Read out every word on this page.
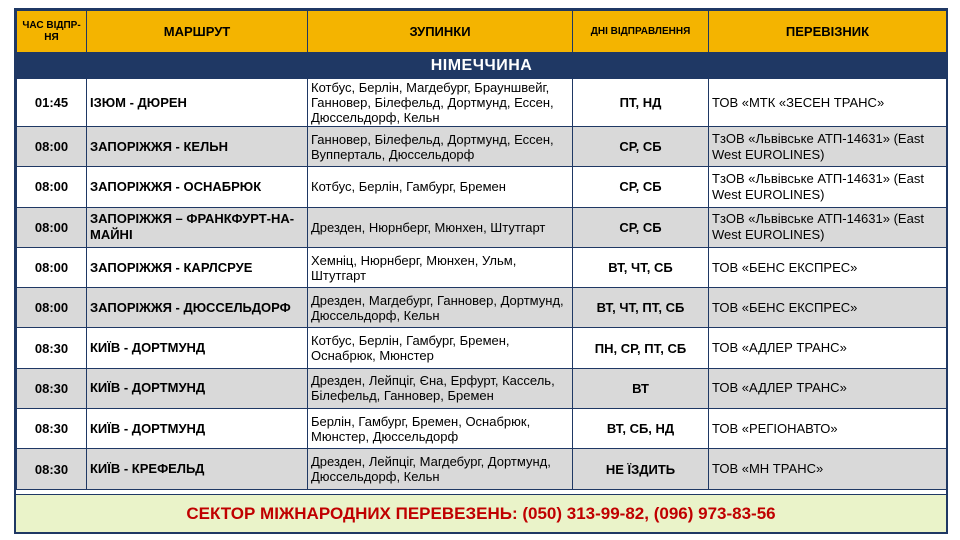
ЧАС ВІДПР-НЯ	МАРШРУТ	ЗУПИНКИ	ДНІ ВІДПРАВЛЕННЯ	ПЕРЕВІЗНИК
НІМЕЧЧИНА				
01:45	ІЗЮМ - ДЮРЕН	Котбус, Берлін, Магдебург, Брауншвейг, Ганновер, Білефельд, Дортмунд, Ессен, Дюссельдорф, Кельн	ПТ, НД	ТОВ «МТК «ЗЕСЕН ТРАНС»
08:00	ЗАПОРІЖЖЯ - КЕЛЬН	Ганновер, Білефельд, Дортмунд, Ессен, Вупперталь, Дюссельдорф	СР, СБ	ТзОВ «Львівське АТП-14631» (East West EUROLINES)
08:00	ЗАПОРІЖЖЯ - ОСНАБРЮК	Котбус, Берлін, Гамбург, Бремен	СР, СБ	ТзОВ «Львівське АТП-14631» (East West EUROLINES)
08:00	ЗАПОРІЖЖЯ – ФРАНКФУРТ-НА-МАЙНІ	Дрезден, Нюрнберг, Мюнхен, Штутгарт	СР, СБ	ТзОВ «Львівське АТП-14631» (East West EUROLINES)
08:00	ЗАПОРІЖЖЯ - КАРЛСРУЕ	Хемніц, Нюрнберг, Мюнхен, Ульм, Штутгарт	ВТ, ЧТ, СБ	ТОВ «БЕНС ЕКСПРЕС»
08:00	ЗАПОРІЖЖЯ - ДЮССЕЛЬДОРФ	Дрезден, Магдебург, Ганновер, Дортмунд, Дюссельдорф, Кельн	ВТ, ЧТ, ПТ, СБ	ТОВ «БЕНС ЕКСПРЕС»
08:30	КИЇВ - ДОРТМУНД	Котбус, Берлін, Гамбург, Бремен, Оснабрюк, Мюнстер	ПН, СР, ПТ, СБ	ТОВ «АДЛЕР ТРАНС»
08:30	КИЇВ - ДОРТМУНД	Дрезден, Лейпціг, Єна, Ерфурт, Кассель, Білефельд, Ганновер, Бремен	ВТ	ТОВ «АДЛЕР ТРАНС»
08:30	КИЇВ - ДОРТМУНД	Берлін, Гамбург, Бремен, Оснабрюк, Мюнстер, Дюссельдорф	ВТ, СБ, НД	ТОВ «РЕГІОНАВТО»
08:30	КИЇВ - КРЕФЕЛЬД	Дрезден, Лейпціг, Магдебург, Дортмунд, Дюссельдорф, Кельн	НЕ ЇЗДИТЬ	ТОВ «МН ТРАНС»
СЕКТОР МІЖНАРОДНИХ ПЕРЕВЕЗЕНЬ: (050) 313-99-82, (096) 973-83-56
